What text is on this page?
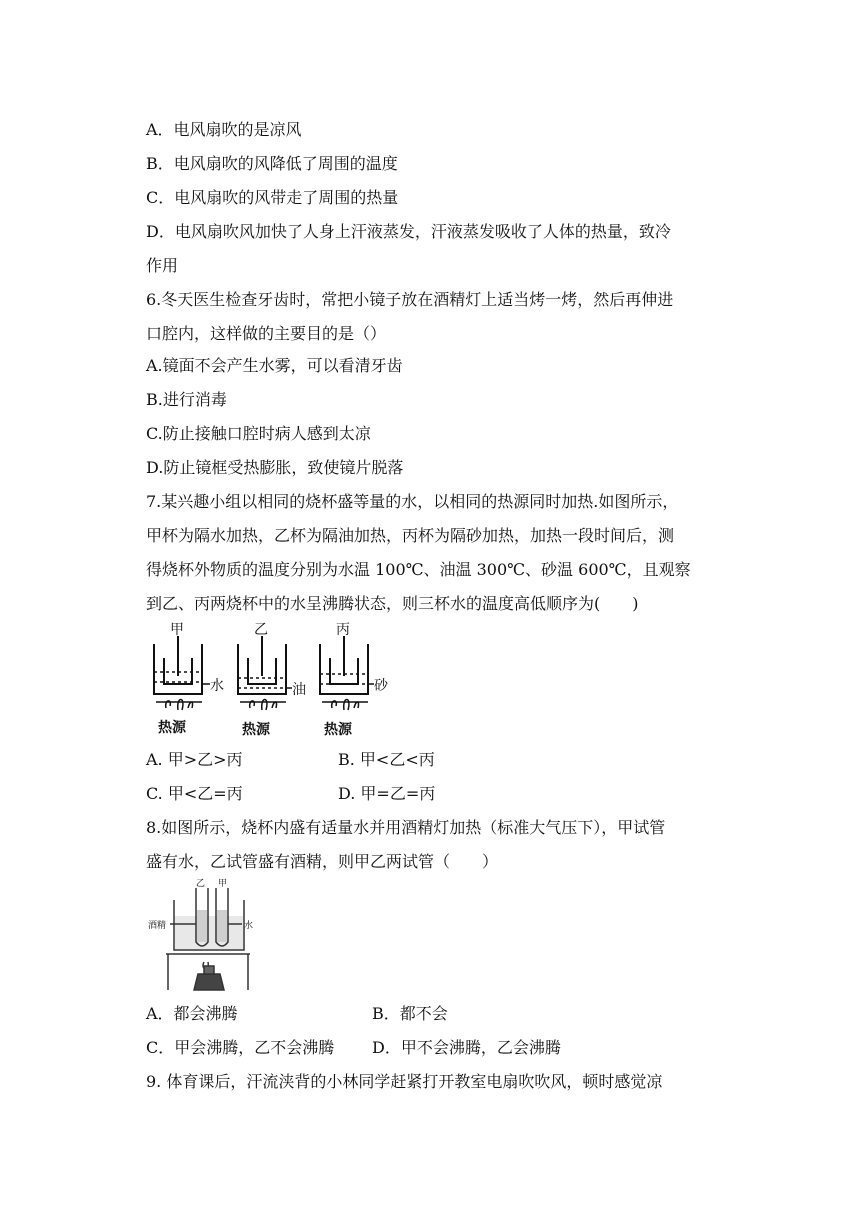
A．电风扇吹的是凉风
B．电风扇吹的风降低了周围的温度
C．电风扇吹的风带走了周围的热量
D．电风扇吹风加快了人身上汗液蒸发，汗液蒸发吸收了人体的热量，致冷
作用
6.冬天医生检查牙齿时，常把小镜子放在酒精灯上适当烤一烤，然后再伸进
口腔内，这样做的主要目的是（）
A.镜面不会产生水雾，可以看清牙齿
B.进行消毒
C.防止接触口腔时病人感到太凉
D.防止镜框受热膨胀，致使镜片脱落
7.某兴趣小组以相同的烧杯盛等量的水，以相同的热源同时加热.如图所示，
甲杯为隔水加热，乙杯为隔油加热，丙杯为隔砂加热，加热一段时间后，测
得烧杯外物质的温度分别为水温 100℃、油温 300℃、砂温 600℃，且观察
到乙、丙两烧杯中的水呈沸腾状态，则三杯水的温度高低顺序为(　　)
甲	乙	丙
水	油	砂
热源	热源	热源
A. 甲>乙>丙	B. 甲<乙<丙
C. 甲<乙=丙	D. 甲=乙=丙
8.如图所示，烧杯内盛有适量水并用酒精灯加热（标准大气压下），甲试管
盛有水，乙试管盛有酒精，则甲乙两试管（　　）
乙 甲
酒精	水
A．都会沸腾	B．都不会
C．甲会沸腾，乙不会沸腾 D．甲不会沸腾，乙会沸腾
9. 体育课后，汗流浃背的小林同学赶紧打开教室电扇吹吹风，顿时感觉凉
